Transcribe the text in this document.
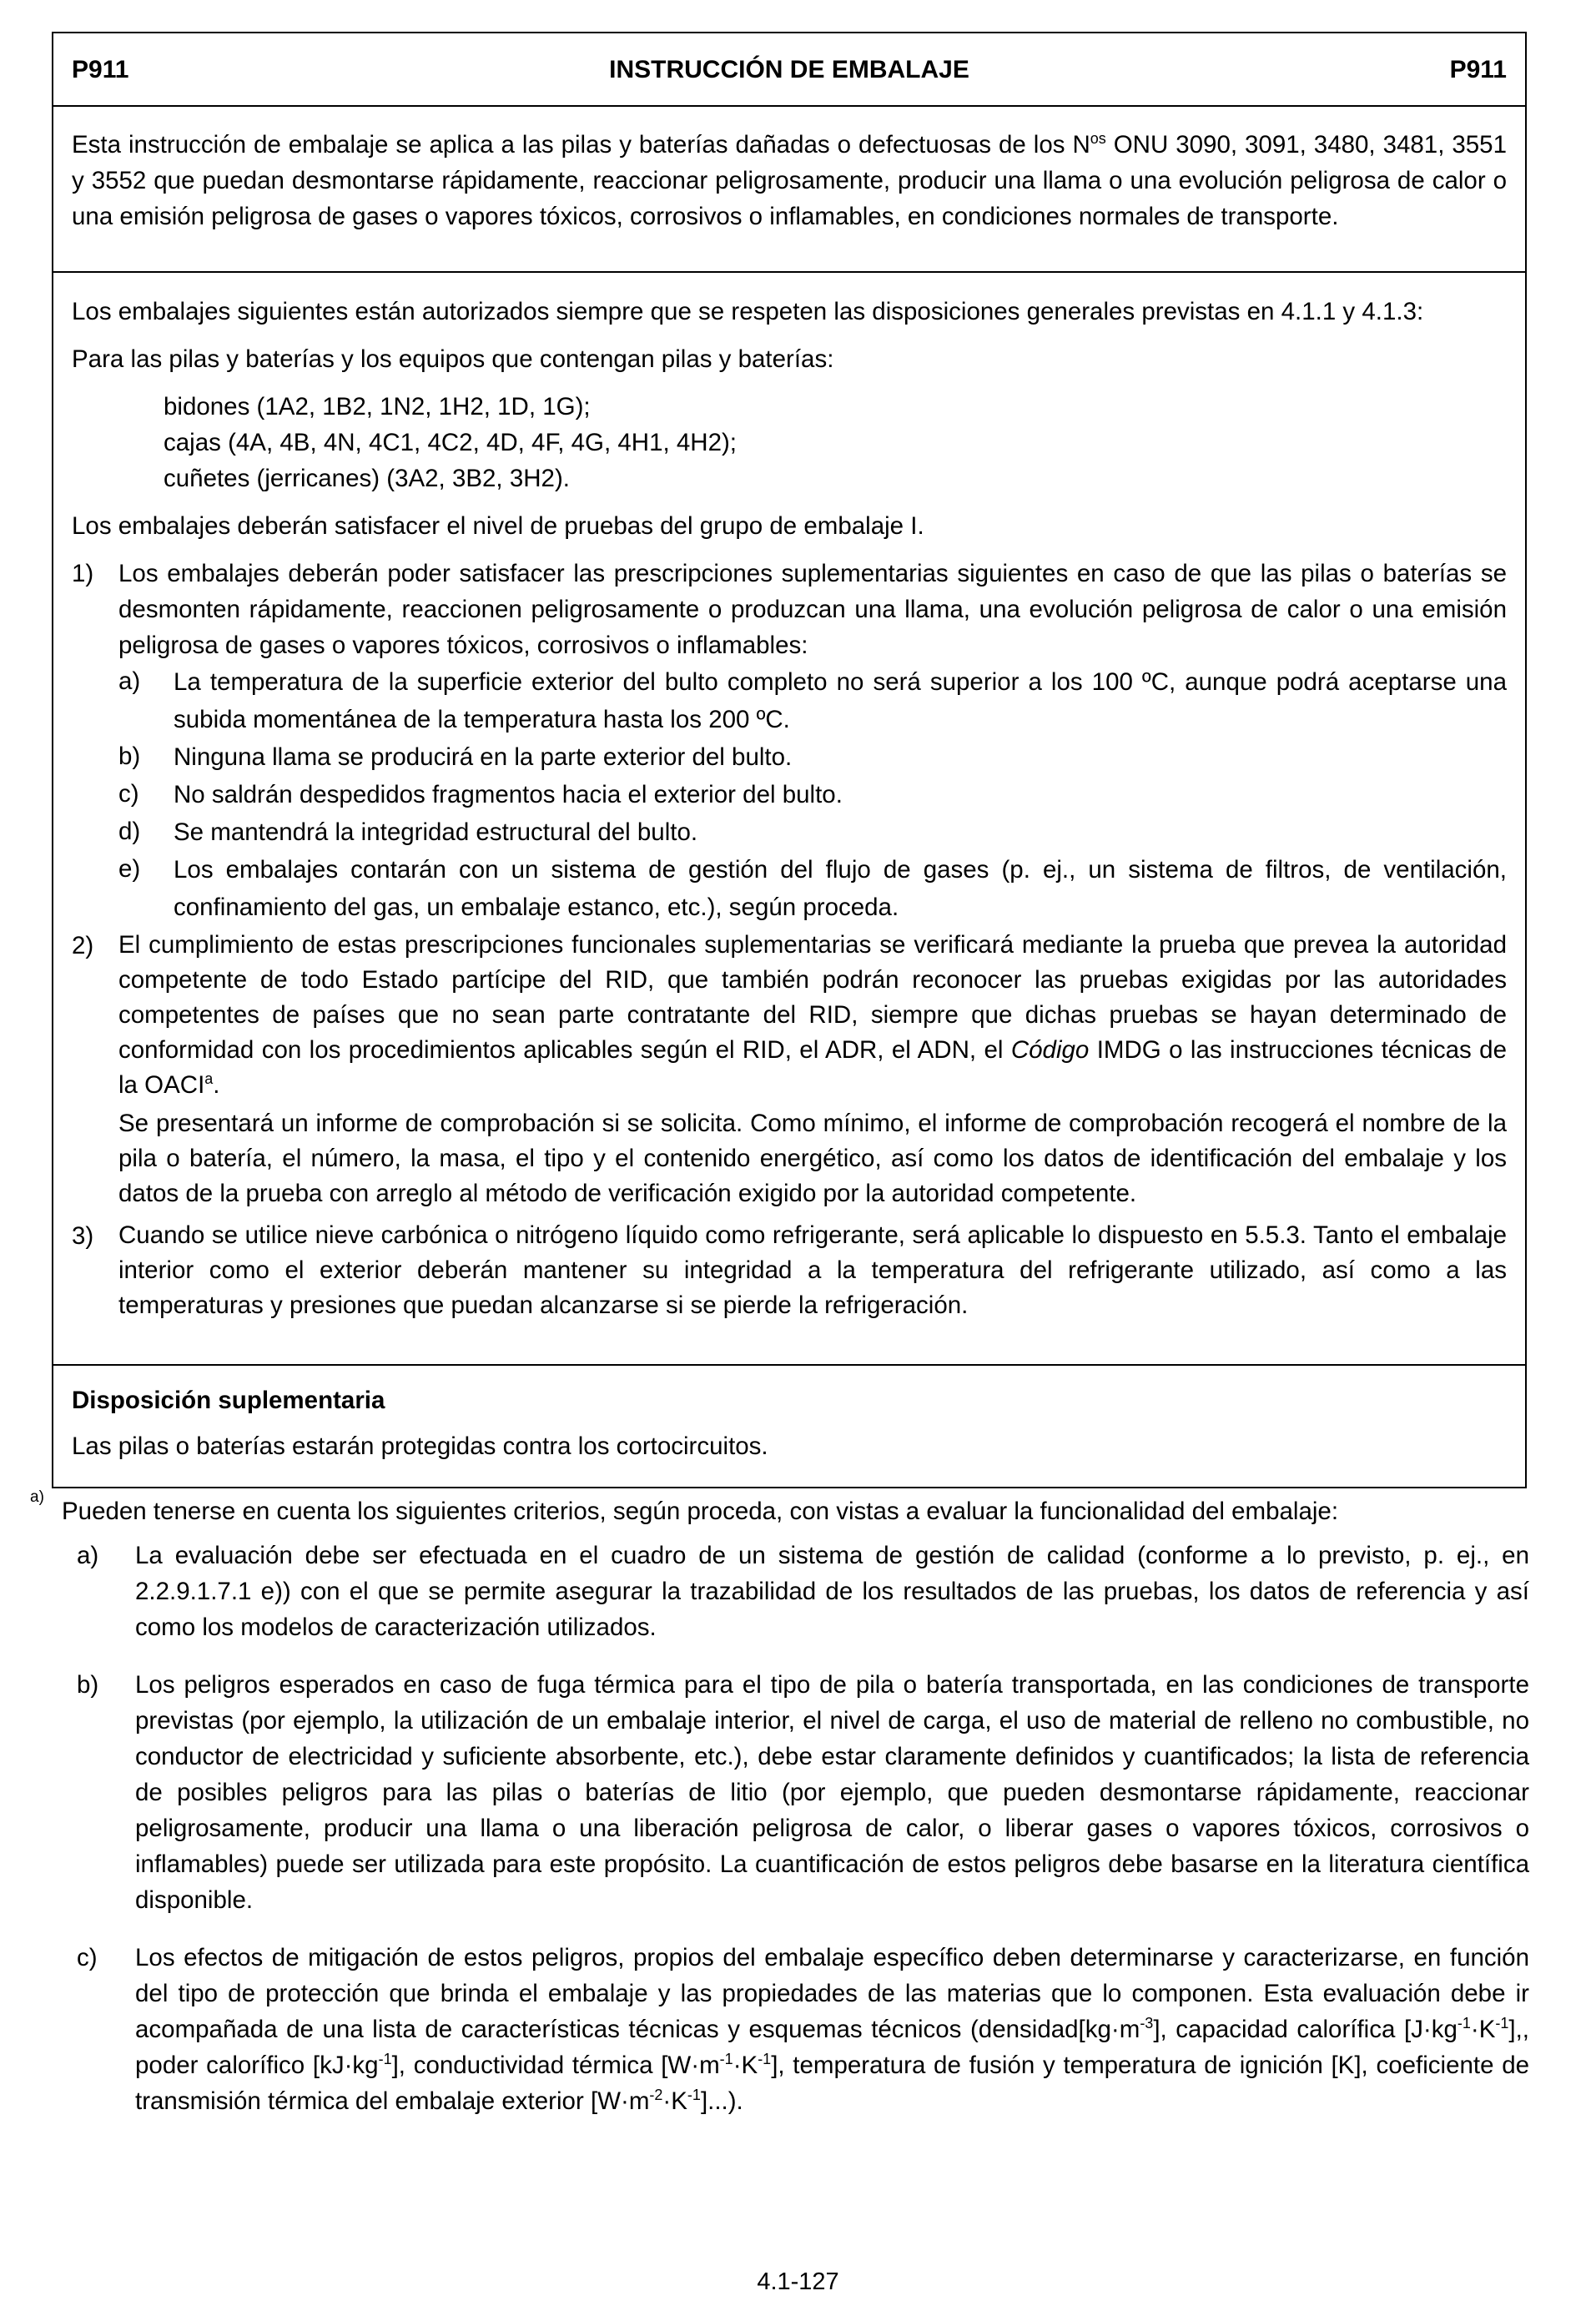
P911	INSTRUCCIÓN DE EMBALAJE	P911

Esta instrucción de embalaje se aplica a las pilas y baterías dañadas o defectuosas de los $N^{os}$ ONU 3090, 3091, 3480, 3481, 3551 y 3552 que puedan desmontarse rápidamente, reaccionar peligrosamente, producir una llama o una evolución peligrosa de calor o una emisión peligrosa de gases o vapores tóxicos, corrosivos o inflamables, en condiciones normales de transporte.

Los embalajes siguientes están autorizados siempre que se respeten las disposiciones generales previstas en 4.1.1 y 4.1.3:

Para las pilas y baterías y los equipos que contengan pilas y baterías:

bidones (1A2, 1B2, 1N2, 1H2, 1D, 1G);

cajas (4A, 4B, 4N, 4C1, 4C2, 4D, 4F, 4G, 4H1, 4H2);

cuñetes (jerricanes) (3A2, 3B2, 3H2).

Los embalajes deberán satisfacer el nivel de pruebas del grupo de embalaje I.

1)	Los embalajes deberán poder satisfacer las prescripciones suplementarias siguientes en caso de que las pilas o baterías se desmonten rápidamente, reaccionen peligrosamente o produzcan una llama, una evolución peligrosa de calor o una emisión peligrosa de gases o vapores tóxicos, corrosivos o inflamables:
a)	La temperatura de la superficie exterior del bulto completo no será superior a los 100 ºC, aunque podrá aceptarse una subida momentánea de la temperatura hasta los 200 ºC.
b)	Ninguna llama se producirá en la parte exterior del bulto.
c)	No saldrán despedidos fragmentos hacia el exterior del bulto.
d)	Se mantendrá la integridad estructural del bulto.
e)	Los embalajes contarán con un sistema de gestión del flujo de gases (p. ej., un sistema de filtros, de ventilación, confinamiento del gas, un embalaje estanco, etc.), según proceda.
2)	El cumplimiento de estas prescripciones funcionales suplementarias se verificará mediante la prueba que prevea la autoridad competente de todo Estado partícipe del RID, que también podrán reconocer las pruebas exigidas por las autoridades competentes de países que no sean parte contratante del RID, siempre que dichas pruebas se hayan determinado de conformidad con los procedimientos aplicables según el RID, el ADR, el ADN, el Código IMDG o las instrucciones técnicas de la OACI$^a$.

Se presentará un informe de comprobación si se solicita. Como mínimo, el informe de comprobación recogerá el nombre de la pila o batería, el número, la masa, el tipo y el contenido energético, así como los datos de identificación del embalaje y los datos de la prueba con arreglo al método de verificación exigido por la autoridad competente.

3)	Cuando se utilice nieve carbónica o nitrógeno líquido como refrigerante, será aplicable lo dispuesto en 5.5.3. Tanto el embalaje interior como el exterior deberán mantener su integridad a la temperatura del refrigerante utilizado, así como a las temperaturas y presiones que puedan alcanzarse si se pierde la refrigeración.

Disposición suplementaria

Las pilas o baterías estarán protegidas contra los cortocircuitos.

a)

Pueden tenerse en cuenta los siguientes criterios, según proceda, con vistas a evaluar la funcionalidad del embalaje:

a)	La evaluación debe ser efectuada en el cuadro de un sistema de gestión de calidad (conforme a lo previsto, p. ej., en 2.2.9.1.7.1 e)) con el que se permite asegurar la trazabilidad de los resultados de las pruebas, los datos de referencia y así como los modelos de caracterización utilizados.
b)	Los peligros esperados en caso de fuga térmica para el tipo de pila o batería transportada, en las condiciones de transporte previstas (por ejemplo, la utilización de un embalaje interior, el nivel de carga, el uso de material de relleno no combustible, no conductor de electricidad y suficiente absorbente, etc.), debe estar claramente definidos y cuantificados; la lista de referencia de posibles peligros para las pilas o baterías de litio (por ejemplo, que pueden desmontarse rápidamente, reaccionar peligrosamente, producir una llama o una liberación peligrosa de calor, o liberar gases o vapores tóxicos, corrosivos o inflamables) puede ser utilizada para este propósito. La cuantificación de estos peligros debe basarse en la literatura científica disponible.
c)	Los efectos de mitigación de estos peligros, propios del embalaje específico deben determinarse y caracterizarse, en función del tipo de protección que brinda el embalaje y las propiedades de las materias que lo componen. Esta evaluación debe ir acompañada de una lista de características técnicas y esquemas técnicos ($densidad[kg\cdot m^{-3}]$, capacidad calorífica $[J\cdot kg^{-1}\cdot K^{-1}]$,, poder calorífico $[kJ\cdot kg^{-1}]$, conductividad térmica $[W\cdot m^{-1}\cdot K^{-1}]$, temperatura de fusión y temperatura de ignición [K], coeficiente de transmisión térmica del embalaje exterior $[W\cdot m^{-2}\cdot K^{-1}]$...).
4.1-127
